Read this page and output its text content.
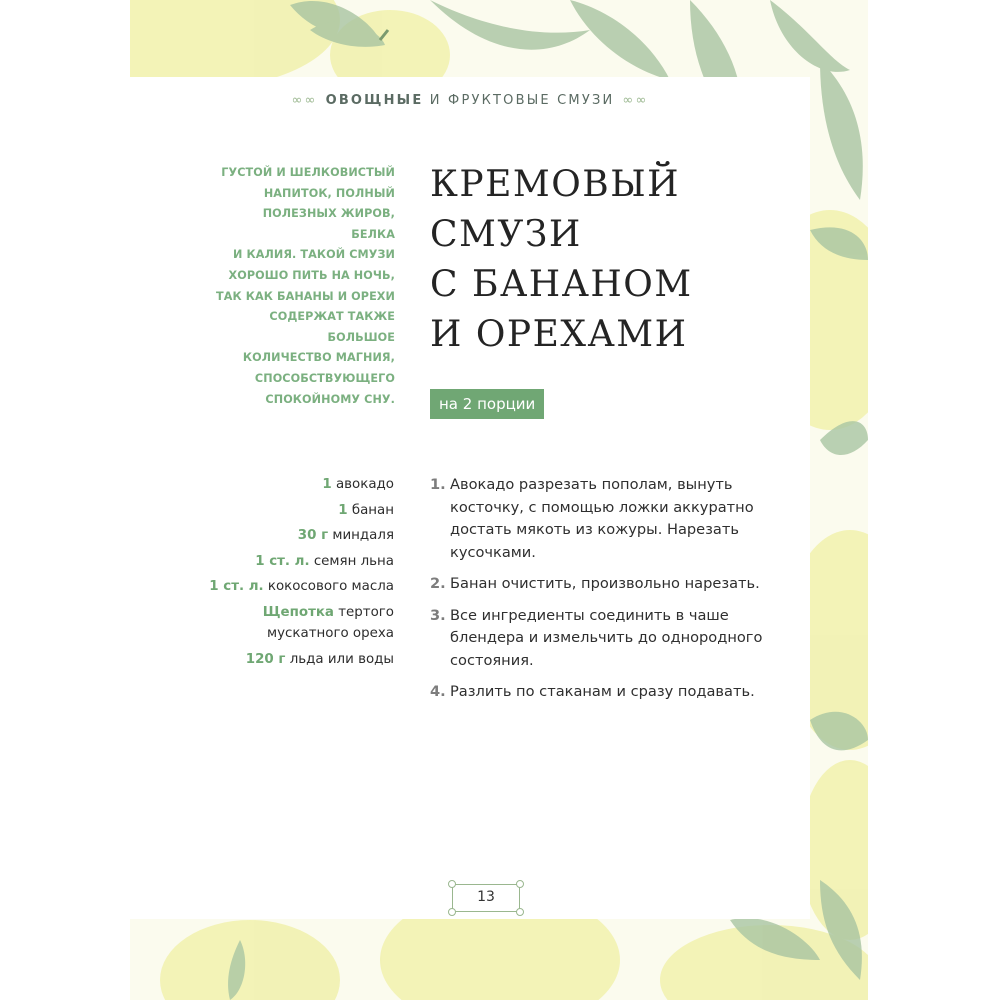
∞∞ ОВОЩНЫЕ И ФРУКТОВЫЕ СМУЗИ ∞∞
ГУСТОЙ И ШЕЛКОВИСТЫЙ
НАПИТОК, ПОЛНЫЙ
ПОЛЕЗНЫХ ЖИРОВ, БЕЛКА
И КАЛИЯ. ТАКОЙ СМУЗИ
ХОРОШО ПИТЬ НА НОЧЬ,
ТАК КАК БАНАНЫ И ОРЕХИ
СОДЕРЖАТ ТАКЖЕ БОЛЬШОЕ
КОЛИЧЕСТВО МАГНИЯ,
СПОСОБСТВУЮЩЕГО
СПОКОЙНОМУ СНУ.
КРЕМОВЫЙ
СМУЗИ
С БАНАНОМ
И ОРЕХАМИ
на 2 порции
1 авокадо
1 банан
30 г миндаля
1 ст. л. семян льна
1 ст. л. кокосового масла
Щепотка тертого мускатного ореха
120 г льда или воды
1. Авокадо разрезать пополам, вынуть косточку, с помощью ложки аккуратно достать мякоть из кожуры. Нарезать кусочками.
2. Банан очистить, произвольно нарезать.
3. Все ингредиенты соединить в чаше блендера и измельчить до однородного состояния.
4. Разлить по стаканам и сразу подавать.
13
